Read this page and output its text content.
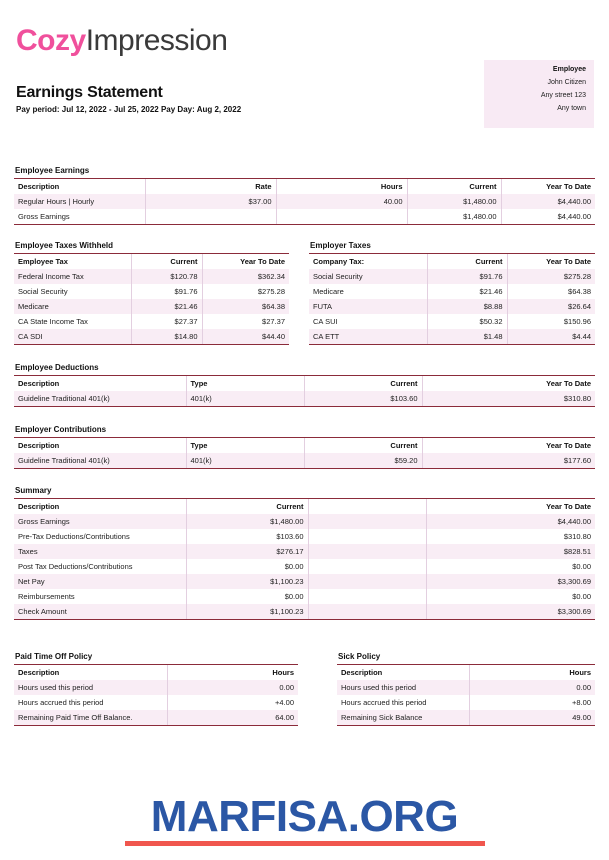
CozyImpression
Earnings Statement
Pay period: Jul 12, 2022 - Jul 25, 2022 Pay Day: Aug 2, 2022
Employee
John Citizen
Any street 123
Any town
Employee Earnings
Description	Rate	Hours	Current	Year To Date
Regular Hours | Hourly	$37.00	40.00	$1,480.00	$4,440.00
Gross Earnings			$1,480.00	$4,440.00
Employee Taxes Withheld
Employee Tax	Current	Year To Date
Federal Income Tax	$120.78	$362.34
Social Security	$91.76	$275.28
Medicare	$21.46	$64.38
CA State Income Tax	$27.37	$27.37
CA SDI	$14.80	$44.40
Employer Taxes
Company Tax:	Current	Year To Date
Social Security	$91.76	$275.28
Medicare	$21.46	$64.38
FUTA	$8.88	$26.64
CA SUI	$50.32	$150.96
CA ETT	$1.48	$4.44
Employee Deductions
Description	Type	Current	Year To Date
Guideline Traditional 401(k)	401(k)	$103.60	$310.80
Employer Contributions
Description	Type	Current	Year To Date
Guideline Traditional 401(k)	401(k)	$59.20	$177.60
Summary
Description	Current		Year To Date
Gross Earnings	$1,480.00		$4,440.00
Pre-Tax Deductions/Contributions	$103.60		$310.80
Taxes	$276.17		$828.51
Post Tax Deductions/Contributions	$0.00		$0.00
Net Pay	$1,100.23		$3,300.69
Reimbursements	$0.00		$0.00
Check Amount	$1,100.23		$3,300.69
Paid Time Off Policy
Description	Hours
Hours used this period	0.00
Hours accrued this period	+4.00
Remaining Paid Time Off Balance.	64.00
Sick Policy
Description	Hours
Hours used this period	0.00
Hours accrued this period	+8.00
Remaining Sick Balance	49.00
MARFISA.ORG
